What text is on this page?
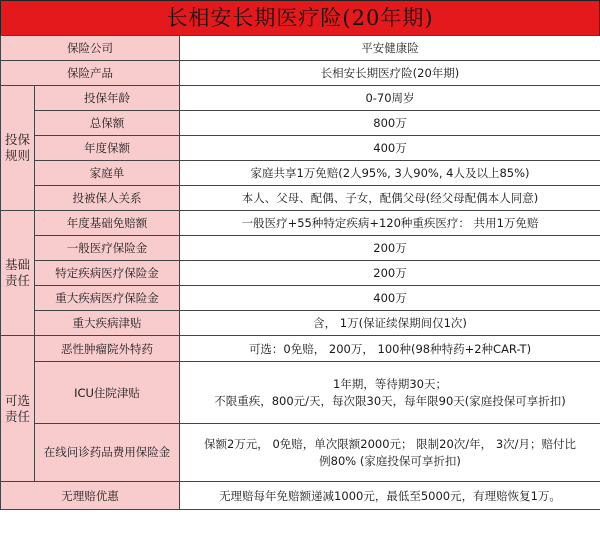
长相安长期医疗险(20年期)
保险公司		平安健康险
保险产品		长相安长期医疗险(20年期)
投保规则	投保年龄	0-70周岁
	总保额	800万
	年度保额	400万
	家庭单	家庭共享1万免赔(2人95%, 3人90%, 4人及以上85%)
	投被保人关系	本人、父母、配偶、子女，配偶父母(经父母配偶本人同意)
基础责任	年度基础免赔额	一般医疗+55种特定疾病+120种重疾医疗： 共用1万免赔
	一般医疗保险金	200万
	特定疾病医疗保险金	200万
	重大疾病医疗保险金	400万
	重大疾病津贴	含， 1万(保证续保期间仅1次)
可选责任	恶性肿瘤院外特药	可选：0免赔， 200万， 100种(98种特药+2种CAR-T)
	ICU住院津贴	1年期，等待期30天；
不限重疾，800元/天，每次限30天，每年限90天(家庭投保可享折扣)

	在线问诊药品费用保险金	保额2万元， 0免赔，单次限额2000元； 限制20次/年， 3次/月；赔付比
例80% (家庭投保可享折扣)

无理赔优惠		无理赔每年免赔额递减1000元，最低至5000元，有理赔恢复1万。
